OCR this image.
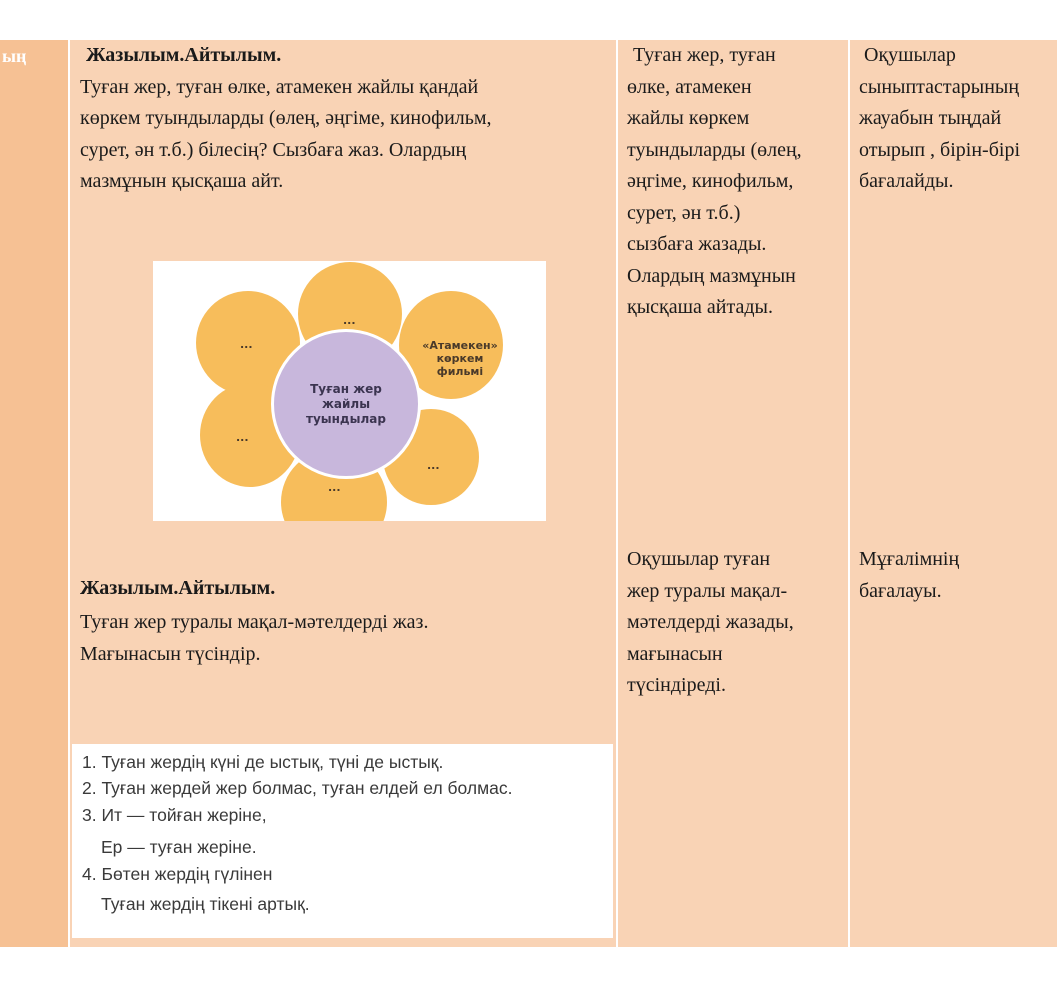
ың	Жазылым.Айтылым.
Туған жер, туған өлке, атамекен жайлы қандай
көркем туындыларды (өлең, әңгіме, кинофильм,
сурет, ән т.б.) білесің? Сызбаға жаз. Олардың
мазмұнын қысқаша айт.
...
...	«Атамекен»
көркем фильмі
...
...
...
Туған жер жайлы туындылар
Жазылым.Айтылым.
Туған жер туралы мақал-мәтелдерді жаз.
Мағынасын түсіндір.
1. Туған жердің күні де ыстық, түні де ыстық.
2. Туған жердей жер болмас, туған елдей ел болмас.
3. Ит — тойған жеріне,
Ер — туған жеріне.
4. Бөтен жердің гүлінен
Туған жердің тікені артық.
Туған жер, туған
өлке, атамекен
жайлы көркем
туындыларды (өлең,
әңгіме, кинофильм,
сурет, ән т.б.)
сызбаға жазады.
Олардың мазмұнын
қысқаша айтады.
Оқушылар туған
жер туралы мақал-
мәтелдерді жазады,
мағынасын
түсіндіреді.
Оқушылар
сыныптастарының
жауабын тыңдай
отырып , бірін-бірі
бағалайды.
Мұғалімнің
бағалауы.
